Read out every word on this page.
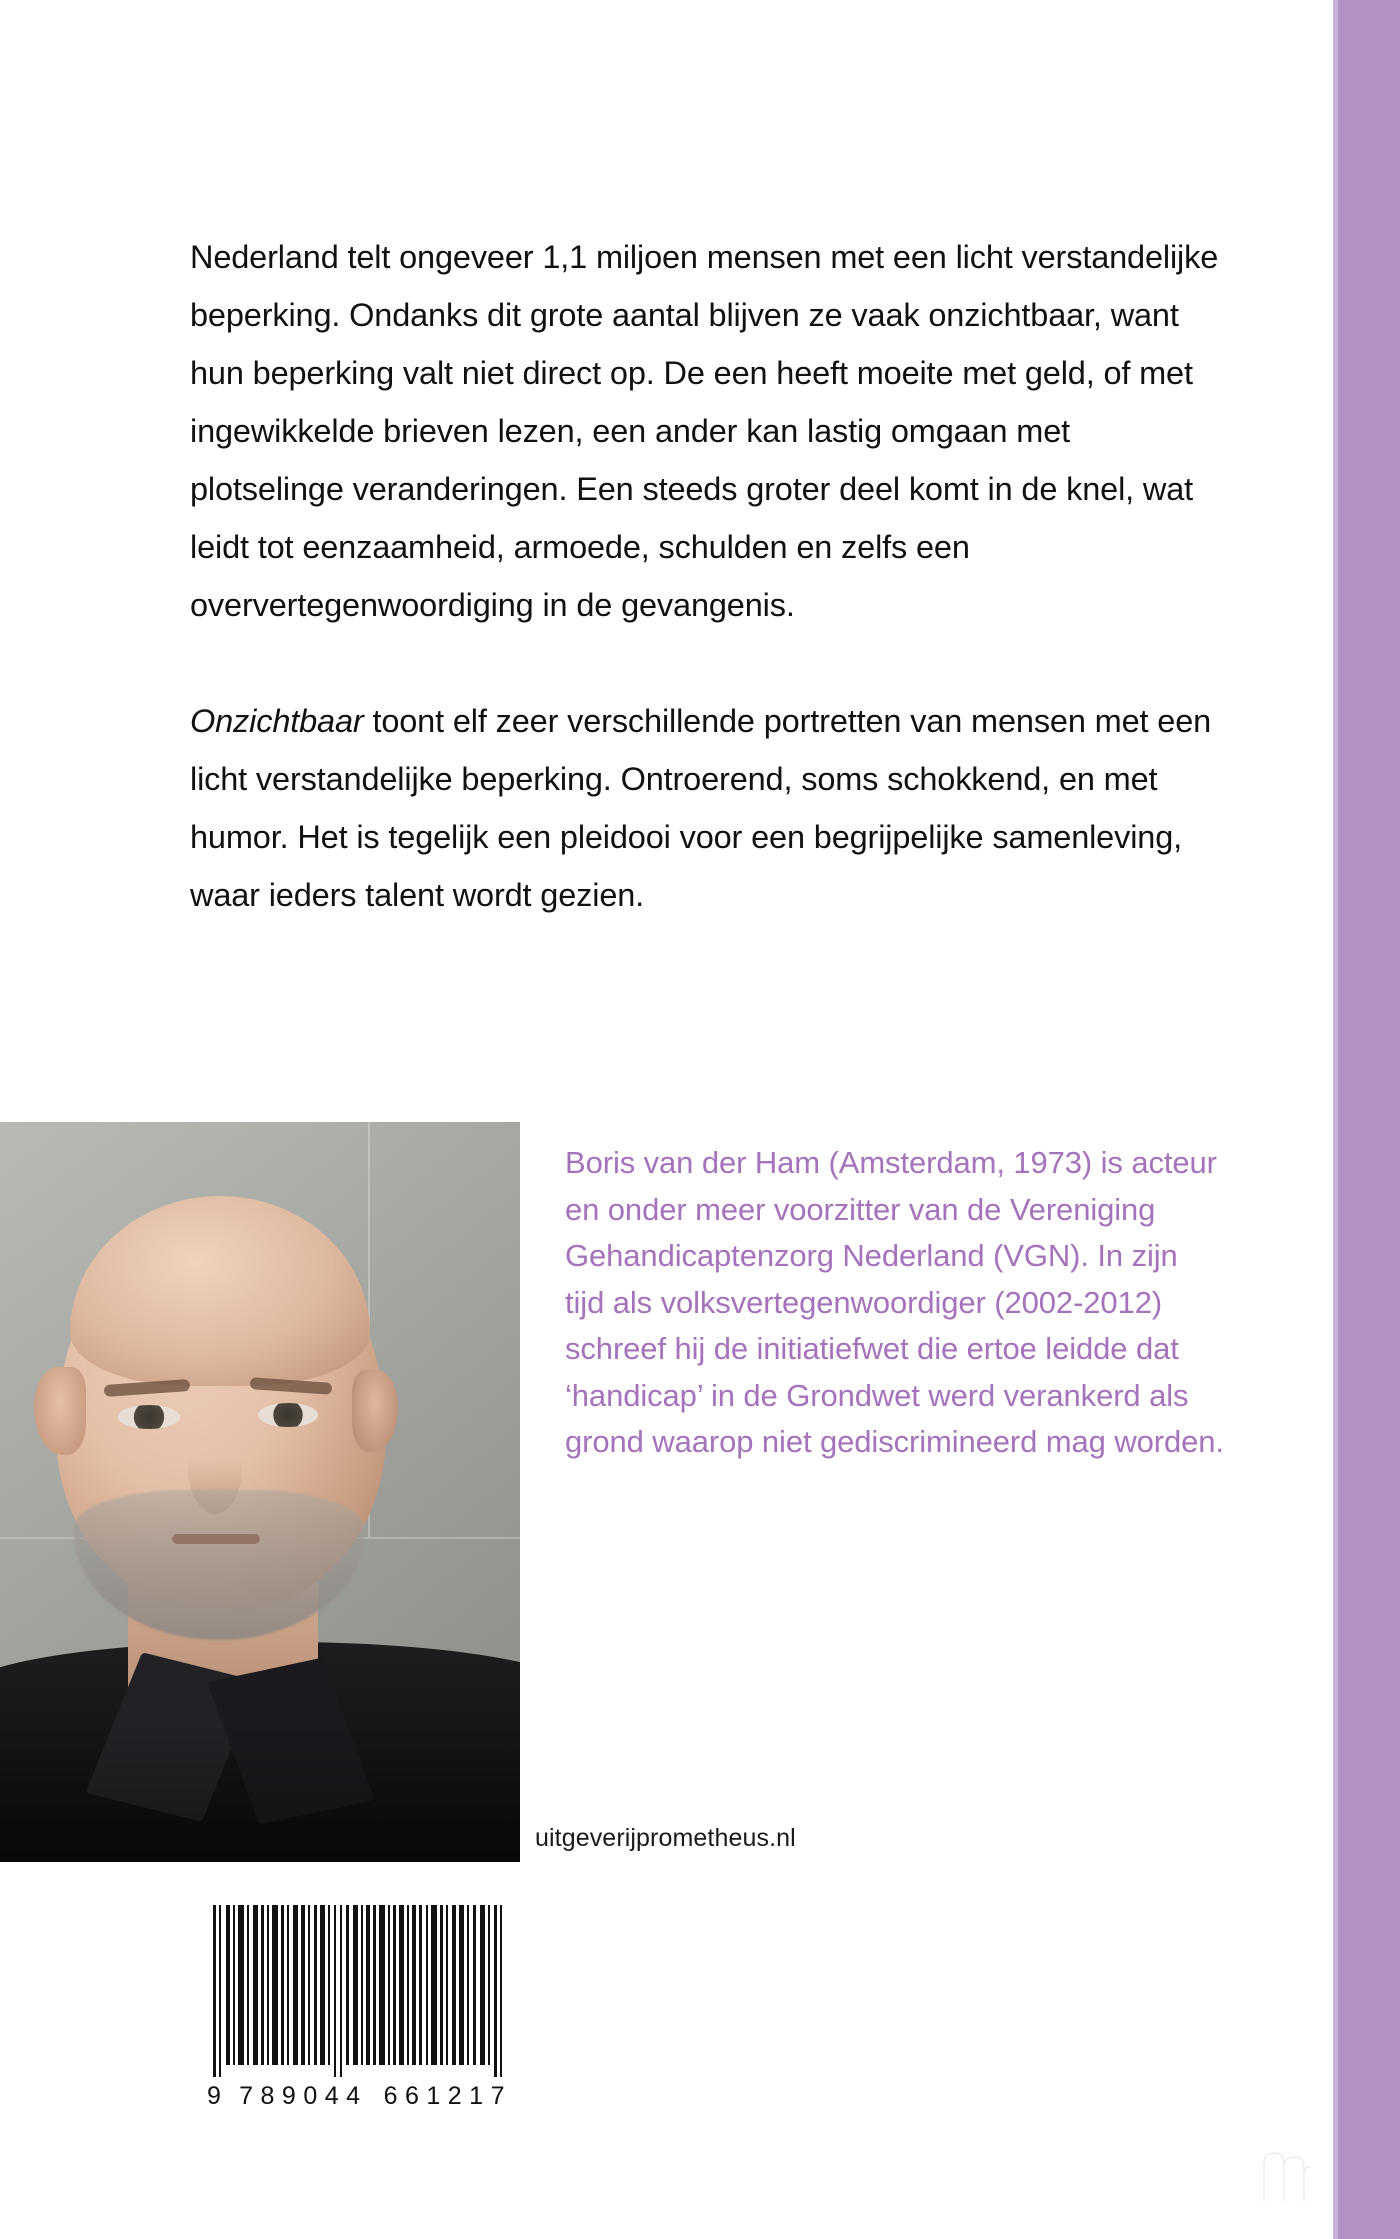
Nederland telt ongeveer 1,1 miljoen mensen met een licht verstandelijke beperking. Ondanks dit grote aantal blijven ze vaak onzichtbaar, want hun beperking valt niet direct op. De een heeft moeite met geld, of met ingewikkelde brieven lezen, een ander kan lastig omgaan met plotselinge veranderingen. Een steeds groter deel komt in de knel, wat leidt tot eenzaamheid, armoede, schulden en zelfs een oververtegenwoordiging in de gevangenis.

Onzichtbaar toont elf zeer verschillende portretten van mensen met een licht verstandelijke beperking. Ontroerend, soms schokkend, en met humor. Het is tegelijk een pleidooi voor een begrijpelijke samenleving, waar ieders talent wordt gezien.

Boris van der Ham (Amsterdam, 1973) is acteur en onder meer voorzitter van de Vereniging Gehandicaptenzorg Nederland (VGN). In zijn tijd als volksvertegenwoordiger (2002-2012) schreef hij de initiatiefwet die ertoe leidde dat ‘handicap’ in de Grondwet werd verankerd als grond waarop niet gediscrimineerd mag worden.

uitgeverijprometheus.nl
9 789044 661217
